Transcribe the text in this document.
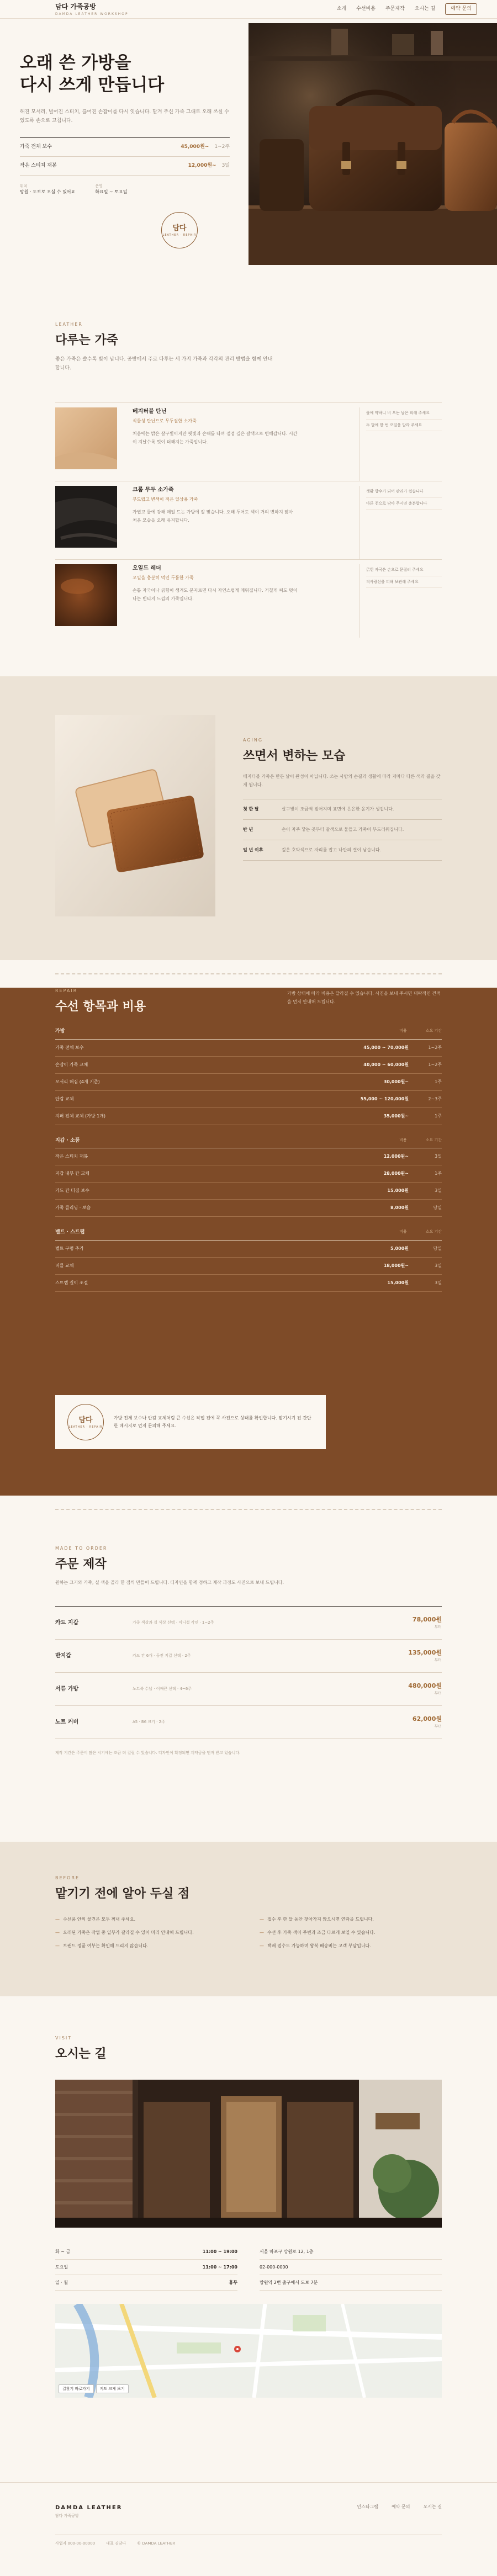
담다 가죽공방
DAMDA LEATHER WORKSHOP
소개 수선비용 주문제작 오시는 길	예약 문의
오래 쓴 가방을
다시 쓰게 만듭니다

해진 모서리, 벌어진 스티치, 끊어진 손잡이를 다시 잇습니다. 맡겨 주신 가죽 그대로 오래 쓰실 수 있도록 손으로 고칩니다.

가죽 전체 보수	45,000원~ 1~2주
작은 스티치 재봉	12,000원~ 3일
위치
망원 · 도보로 오실 수 있어요
운영
화요일 ~ 토요일
담다
LEATHER · REPAIR
LEATHER
다루는 가죽

좋은 가죽은 쓸수록 빛이 납니다. 공방에서 주로 다루는 세 가지 가죽과 각각의 관리 방법을 함께 안내합니다.

베지터블 탄닌
식물성 탄닌으로 무두질한 소가죽
처음에는 밝은 살구빛이지만 햇빛과 손때를 타며 점점 깊은 갈색으로 변해갑니다. 시간이 지날수록 멋이 더해지는 가죽입니다.
물에 약하니 비 오는 날은 피해 주세요
두 달에 한 번 오일을 발라 주세요
크롬 무두 소가죽
부드럽고 변색이 적은 일상용 가죽
가볍고 물에 강해 매일 드는 가방에 잘 맞습니다. 오래 두어도 색이 거의 변하지 않아 처음 모습을 오래 유지합니다.
생활 방수가 되어 관리가 쉽습니다
마른 천으로 닦아 주시면 충분합니다
오일드 레더
오일을 충분히 먹인 두툼한 가죽
손톱 자국이나 긁힘이 생겨도 문지르면 다시 자연스럽게 메워집니다. 거칠게 써도 멋이 나는 빈티지 느낌의 가죽입니다.
긁힌 자국은 손으로 문질러 주세요
직사광선을 피해 보관해 주세요
AGING
쓰면서 변하는 모습

베지터블 가죽은 만든 날이 완성이 아닙니다. 쓰는 사람의 손길과 생활에 따라 저마다 다른 색과 결을 갖게 됩니다.

첫 한 달	살구빛이 조금씩 짙어지며 표면에 은은한 윤기가 생깁니다.
반 년	손이 자주 닿는 곳부터 갈색으로 물들고 가죽이 부드러워집니다.
일 년 이후	깊은 호박색으로 자리를 잡고 나만의 결이 남습니다.
REPAIR
수선 항목과 비용

가방 상태에 따라 비용은 달라질 수 있습니다. 사진을 보내 주시면 대략적인 견적을 먼저 안내해 드립니다.

가방	비용	소요 기간
가죽 전체 보수	45,000 ~ 70,000원	1~2주
손잡이 가죽 교체	40,000 ~ 60,000원	1~2주
모서리 해짐 (4개 기준)	30,000원~	1주
안감 교체	55,000 ~ 120,000원	2~3주
지퍼 전체 교체 (가방 1개)	35,000원~	1주
지갑 · 소품	비용	소요 기간
작은 스티치 재봉	12,000원~	3일
지갑 내부 칸 교체	28,000원~	1주
카드 칸 터짐 보수	15,000원	3일
가죽 클리닝 · 보습	8,000원	당일
벨트 · 스트랩	비용	소요 기간
벨트 구멍 추가	5,000원	당일
버클 교체	18,000원~	3일
스트랩 길이 조절	15,000원	3일
담다
LEATHER · REPAIR

가방 전체 보수나 안감 교체처럼 큰 수선은 작업 전에 꼭 사진으로 상태를 확인합니다. 맡기시기 전 간단한 메시지로 먼저 문의해 주세요.

MADE TO ORDER
주문 제작

원하는 크기와 가죽, 실 색을 골라 한 점씩 만들어 드립니다. 디자인을 함께 정하고 제작 과정도 사진으로 보내 드립니다.

카드 지갑	가죽 색상과 실 색상 선택 · 이니셜 각인 · 1~2주	78,000원
부터
반지갑	카드 칸 6개 · 동전 지갑 선택 · 2주	135,000원
부터
서류 가방	노트북 수납 · 어깨끈 선택 · 4~6주	480,000원
부터
노트 커버	A5 · B6 크기 · 2주	62,000원
부터

제작 기간은 주문이 많은 시기에는 조금 더 걸릴 수 있습니다. 디자인이 확정되면 계약금을 먼저 받고 있습니다.

BEFORE
맡기기 전에 알아 두실 점
— 수선품 안의 물건은 모두 꺼내 주세요.	— 접수 후 한 달 동안 찾아가지 않으시면 연락을 드립니다.
— 오래된 가죽은 작업 중 일부가 갈라질 수 있어 미리 안내해 드립니다.	— 수선 후 가죽 색이 주변과 조금 다르게 보일 수 있습니다.
— 브랜드 정품 여부는 확인해 드리지 않습니다.	— 택배 접수도 가능하며 왕복 배송비는 고객 부담입니다.
VISIT
오시는 길
화 ~ 금	11:00 ~ 19:00
토요일	11:00 ~ 17:00
일 · 월	휴무
서울 마포구 망원로 12, 1층
02-000-0000
망원역 2번 출구에서 도보 7분
길찾기 바로가기	지도 크게 보기
DAMDA LEATHER
담다 가죽공방
인스타그램	예약 문의	오시는 길
사업자 000-00-00000	대표 김담다	© DAMDA LEATHER
